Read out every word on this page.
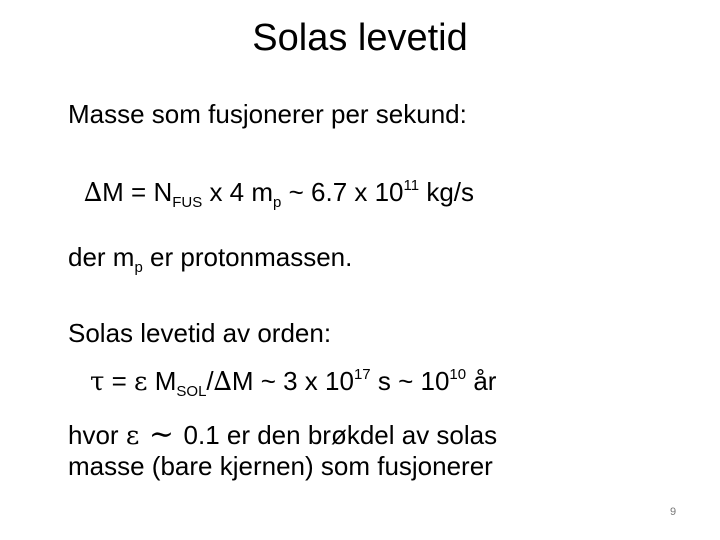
Solas levetid
Masse som fusjonerer per sekund:
$\Delta M = N_{FUS}$ x 4 $m_p$ ~ 6.7 x $10^{11}$ kg/s
der $m_p$ er protonmassen.
Solas levetid av orden:
τ = ε $M_{SOL}/\Delta M$ ~ 3 x $10^{17}$ s ~ $10^{10}$ år
hvor ε ∼ 0.1 er den brøkdel av solas
masse (bare kjernen) som fusjonerer
9
